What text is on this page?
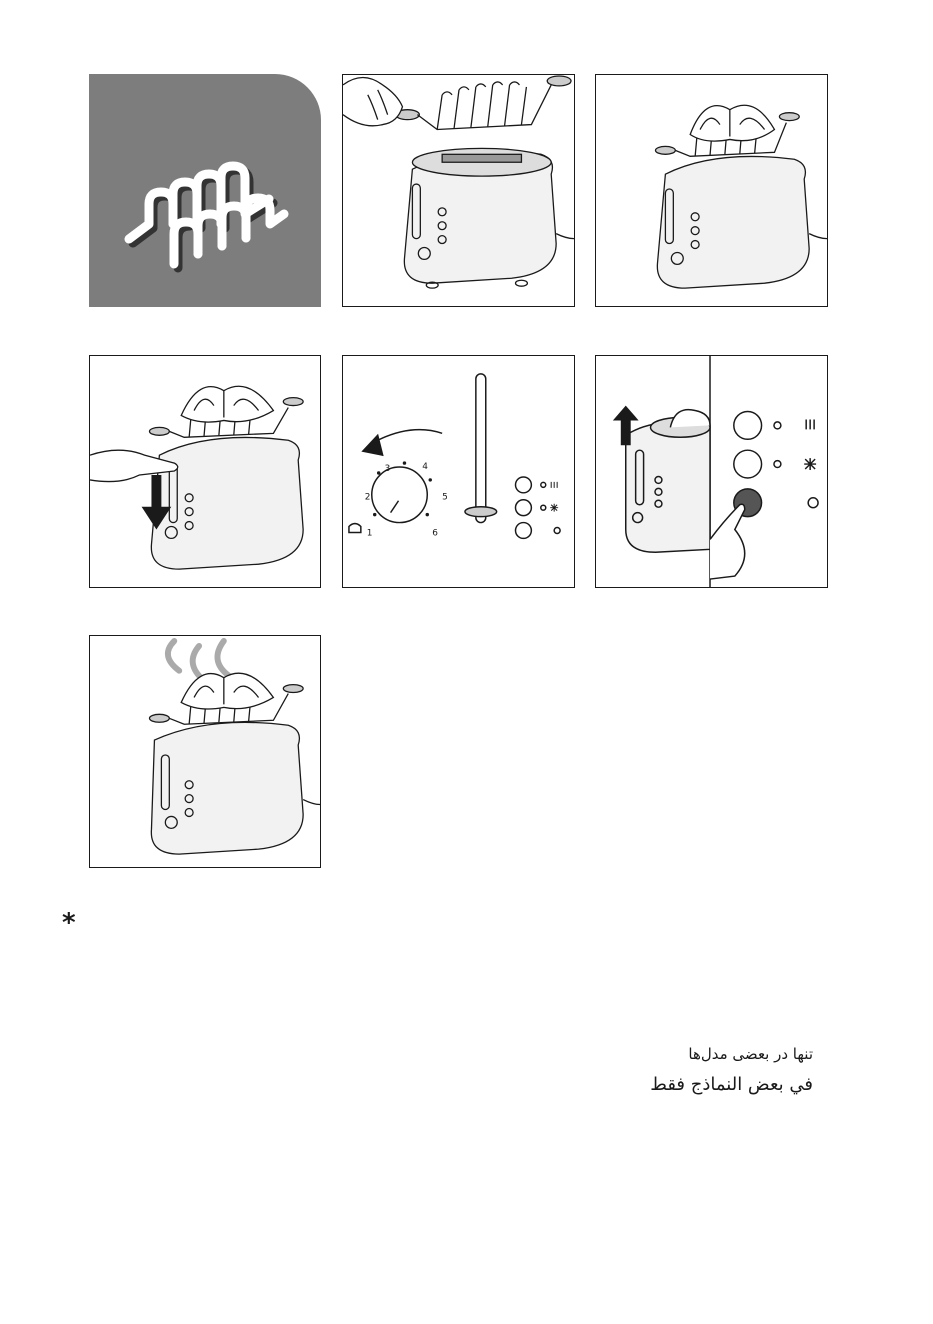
1
2
3	4
5
6
*
تنها در بعضی مدل‌ها
في بعض النماذج فقط
